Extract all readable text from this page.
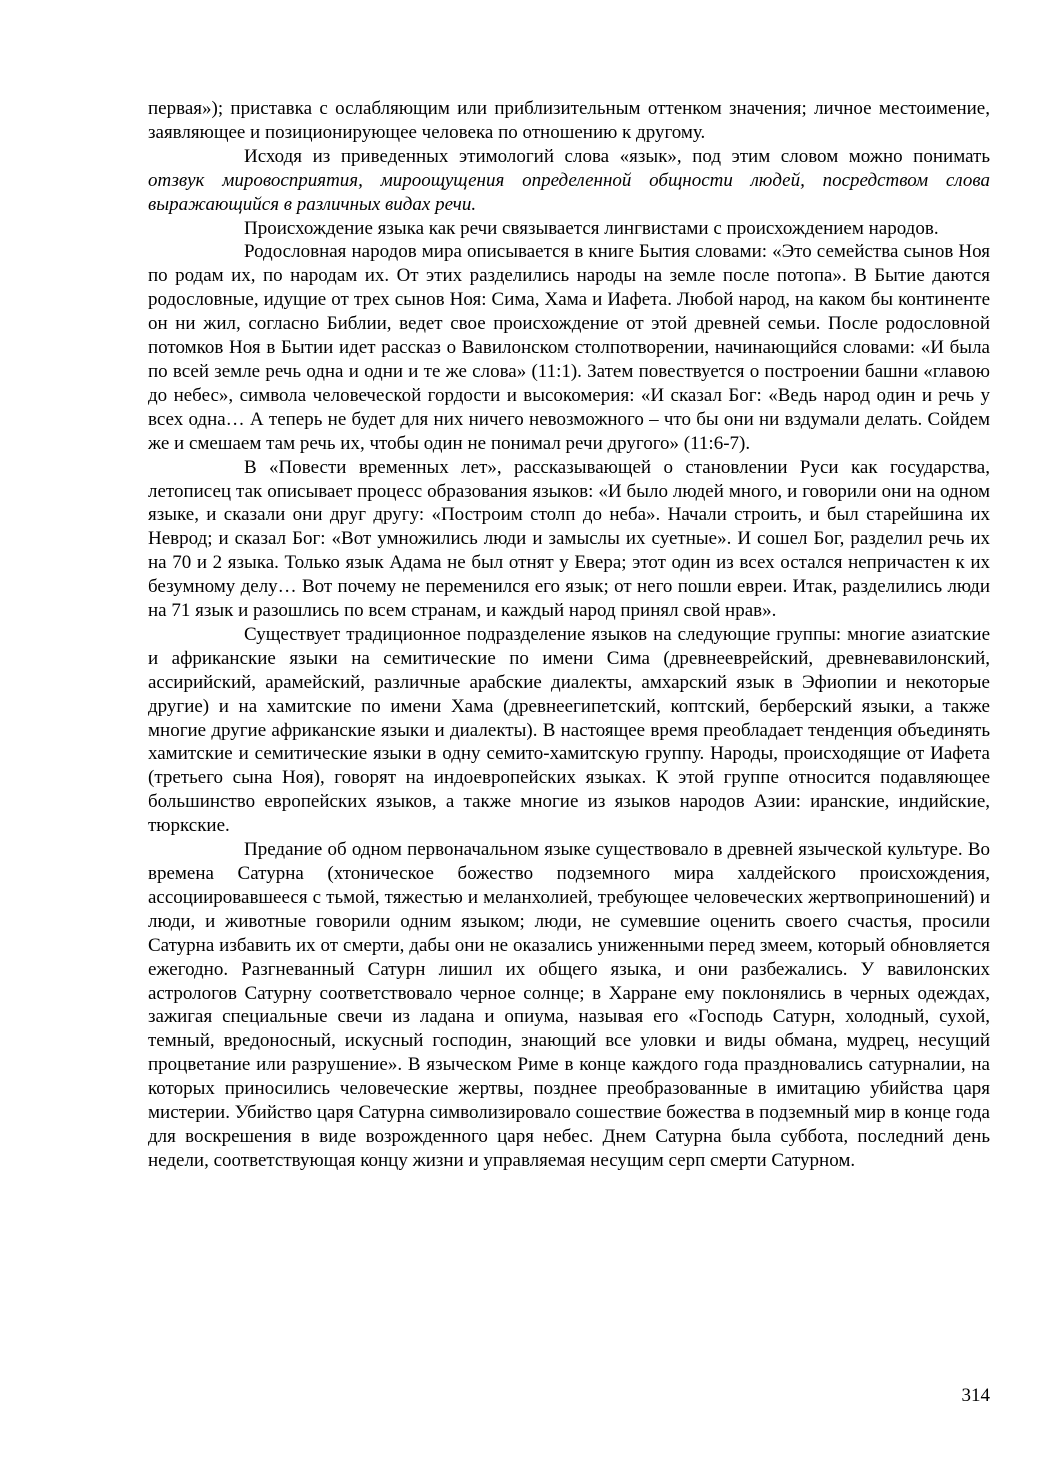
первая»); приставка с ослабляющим или приблизительным оттенком значения; личное местоимение, заявляющее и позиционирующее человека по отношению к другому.

Исходя из приведенных этимологий слова «язык», под этим словом можно понимать отзвук мировосприятия, мироощущения определенной общности людей, посредством слова выражающийся в различных видах речи.

Происхождение языка как речи связывается лингвистами с происхождением народов.

Родословная народов мира описывается в книге Бытия словами: «Это семейства сынов Ноя по родам их, по народам их. От этих разделились народы на земле после потопа». В Бытие даются родословные, идущие от трех сынов Ноя: Сима, Хама и Иафета. Любой народ, на каком бы континенте он ни жил, согласно Библии, ведет свое происхождение от этой древней семьи. После родословной потомков Ноя в Бытии идет рассказ о Вавилонском столпотворении, начинающийся словами: «И была по всей земле речь одна и одни и те же слова» (11:1). Затем повествуется о построении башни «главою до небес», символа человеческой гордости и высокомерия: «И сказал Бог: «Ведь народ один и речь у всех одна… А теперь не будет для них ничего невозможного – что бы они ни вздумали делать. Сойдем же и смешаем там речь их, чтобы один не понимал речи другого» (11:6-7).

В «Повести временных лет», рассказывающей о становлении Руси как государства, летописец так описывает процесс образования языков: «И было людей много, и говорили они на одном языке, и сказали они друг другу: «Построим столп до неба». Начали строить, и был старейшина их Неврод; и сказал Бог: «Вот умножились люди и замыслы их суетные». И сошел Бог, разделил речь их на 70 и 2 языка. Только язык Адама не был отнят у Евера; этот один из всех остался непричастен к их безумному делу… Вот почему не переменился его язык; от него пошли евреи. Итак, разделились люди на 71 язык и разошлись по всем странам, и каждый народ принял свой нрав».

Существует традиционное подразделение языков на следующие группы: многие азиатские и африканские языки на семитические по имени Сима (древнееврейский, древневавилонский, ассирийский, арамейский, различные арабские диалекты, амхарский язык в Эфиопии и некоторые другие) и на хамитские по имени Хама (древнеегипетский, коптский, берберский языки, а также многие другие африканские языки и диалекты). В настоящее время преобладает тенденция объединять хамитские и семитические языки в одну семито-хамитскую группу. Народы, происходящие от Иафета (третьего сына Ноя), говорят на индоевропейских языках. К этой группе относится подавляющее большинство европейских языков, а также многие из языков народов Азии: иранские, индийские, тюркские.

Предание об одном первоначальном языке существовало в древней языческой культуре. Во времена Сатурна (хтоническое божество подземного мира халдейского происхождения, ассоциировавшееся с тьмой, тяжестью и меланхолией, требующее человеческих жертвоприношений) и люди, и животные говорили одним языком; люди, не сумевшие оценить своего счастья, просили Сатурна избавить их от смерти, дабы они не оказались униженными перед змеем, который обновляется ежегодно. Разгневанный Сатурн лишил их общего языка, и они разбежались. У вавилонских астрологов Сатурну соответствовало черное солнце; в Харране ему поклонялись в черных одеждах, зажигая специальные свечи из ладана и опиума, называя его «Господь Сатурн, холодный, сухой, темный, вредоносный, искусный господин, знающий все уловки и виды обмана, мудрец, несущий процветание или разрушение». В языческом Риме в конце каждого года праздновались сатурналии, на которых приносились человеческие жертвы, позднее преобразованные в имитацию убийства царя мистерии. Убийство царя Сатурна символизировало сошествие божества в подземный мир в конце года для воскрешения в виде возрожденного царя небес. Днем Сатурна была суббота, последний день недели, соответствующая концу жизни и управляемая несущим серп смерти Сатурном.

314
